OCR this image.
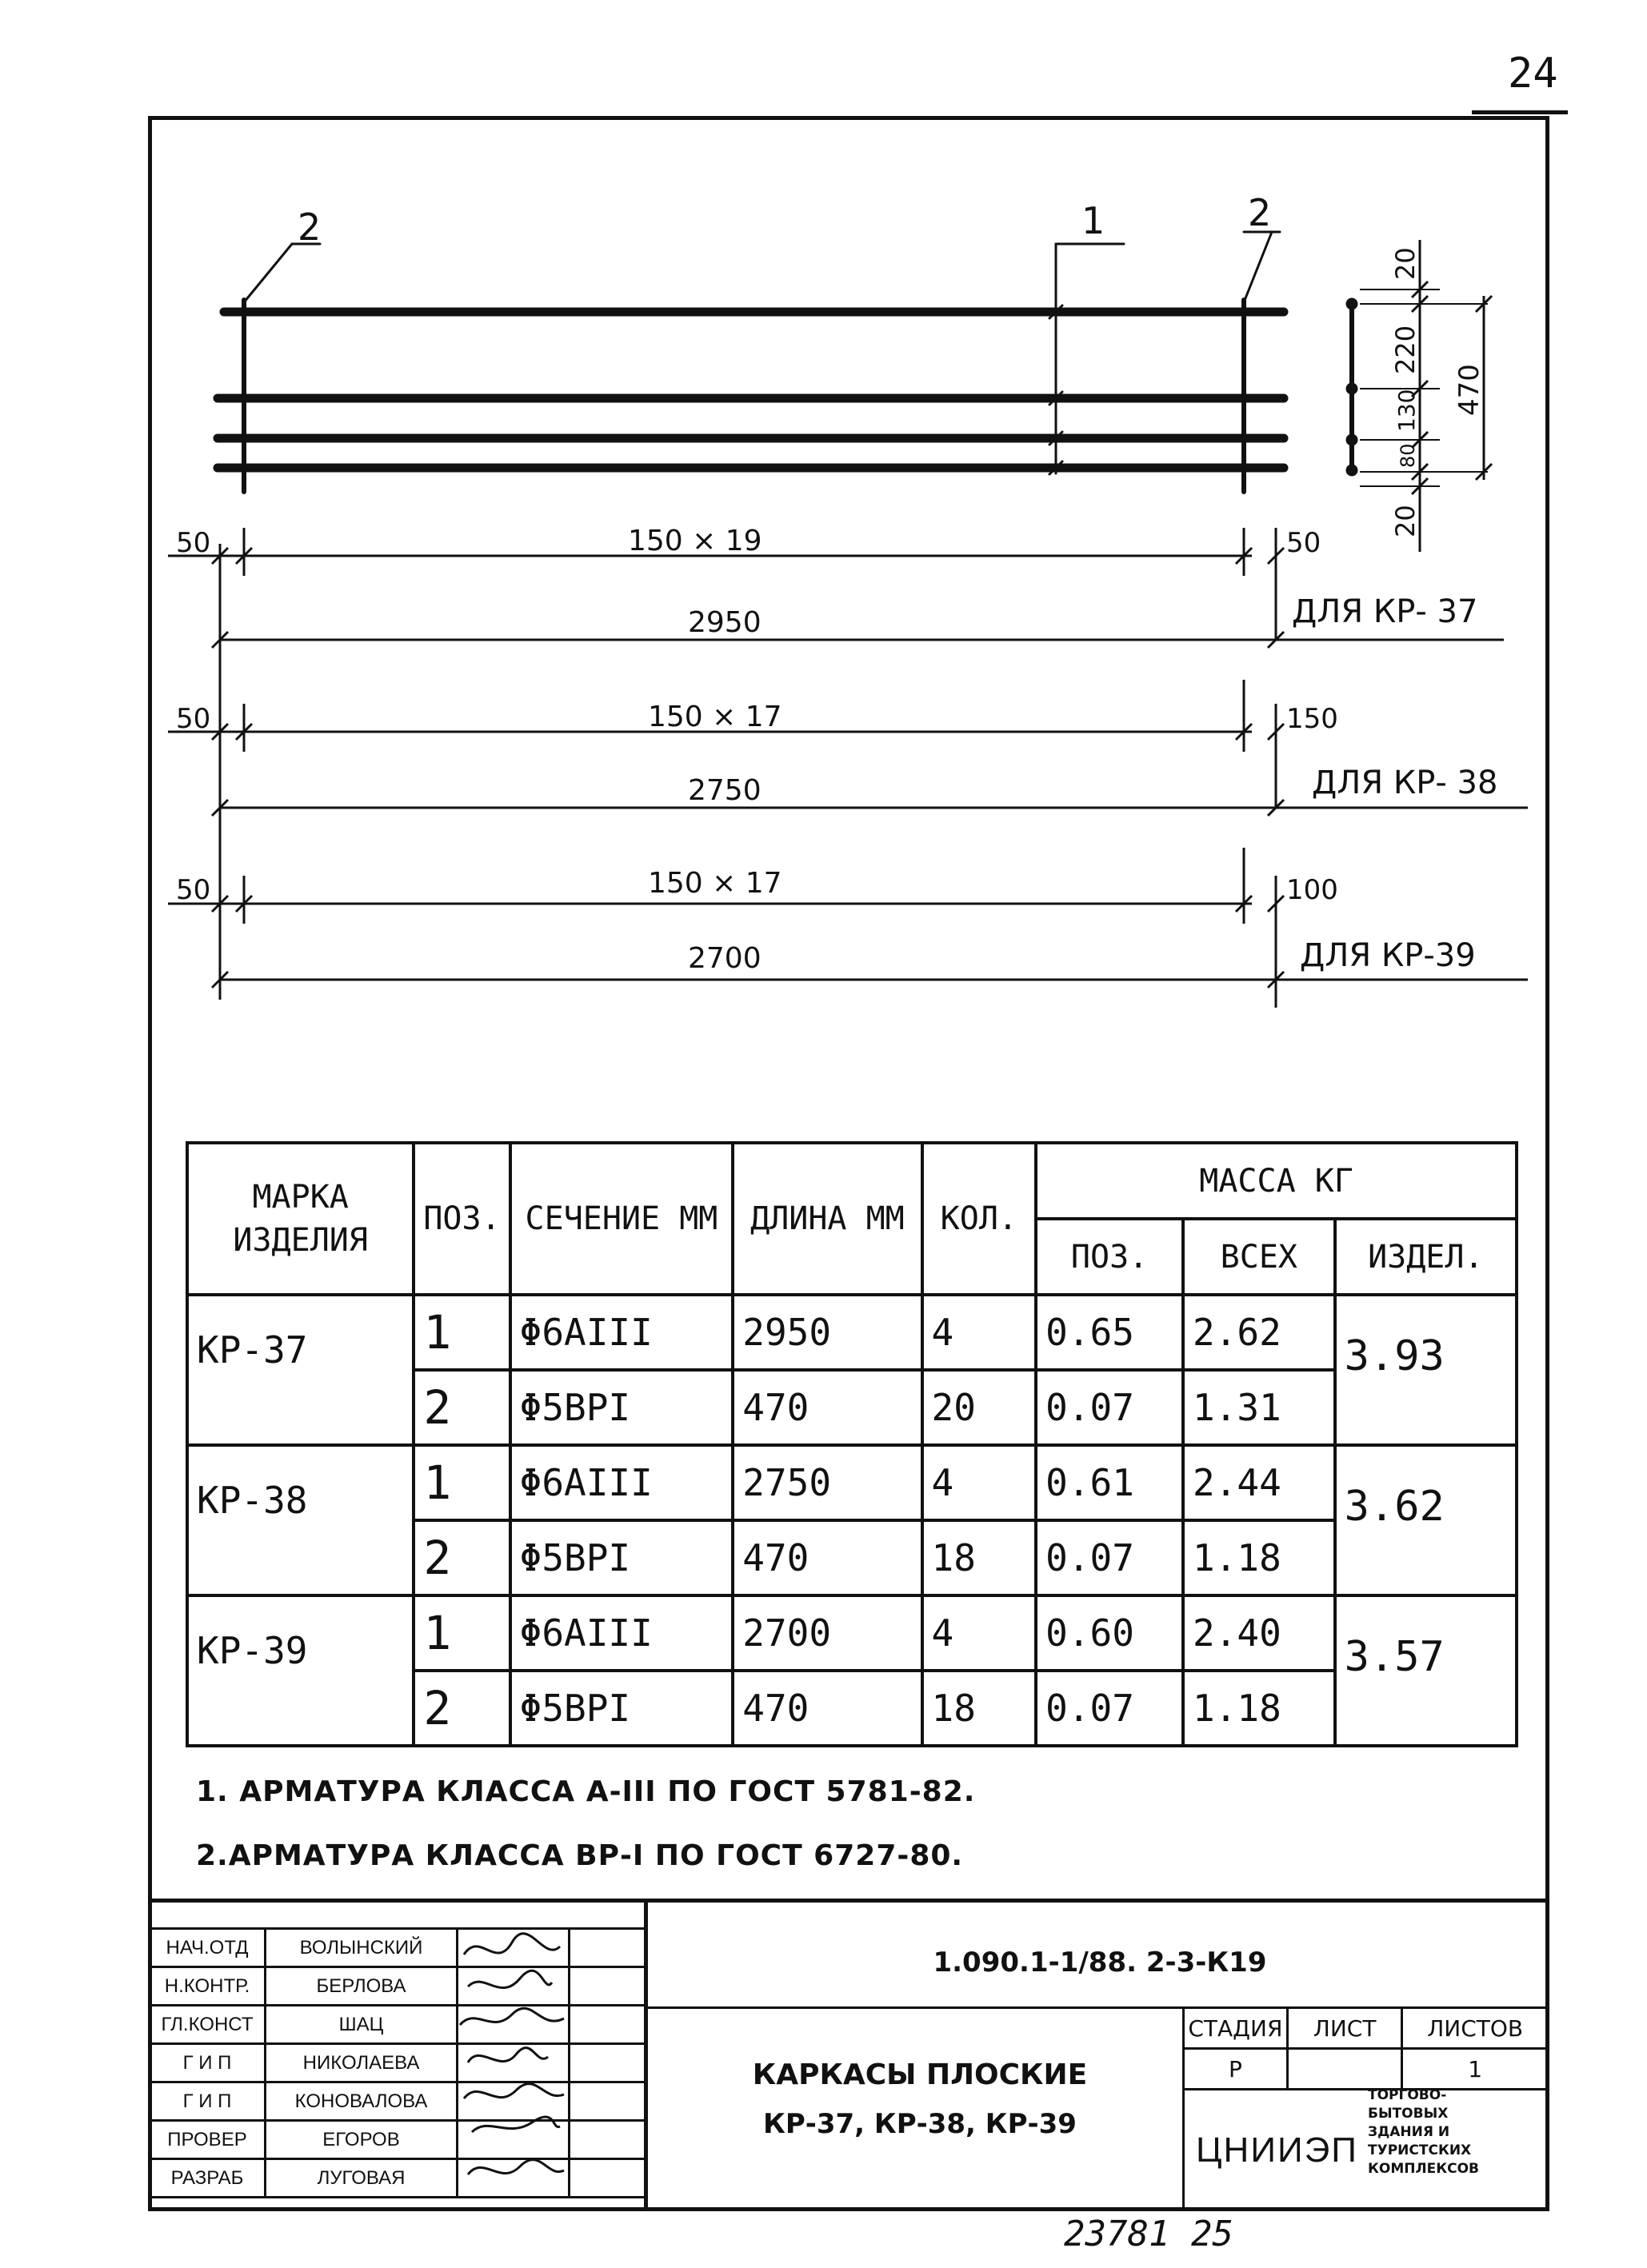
24
2	1	2
20
220
130
80
20
470
50	150 × 19	50
2950	ДЛЯ КР- 37
50	150 × 17	150
2750	ДЛЯ КР- 38
50	150 × 17	100
2700	ДЛЯ КР-39
МАРКА ИЗДЕЛИЯ	ПОЗ.	СЕЧЕНИЕ ММ	ДЛИНА ММ	КОЛ.	МАССА КГ		
					ПОЗ.	ВСЕХ	ИЗДЕЛ.
КР-37	1	Φ6AIII	2950	4	0.65	2.62	3.93
	2	Φ5BPI	470	20	0.07	1.31	
КР-38	1	Φ6AIII	2750	4	0.61	2.44	3.62
	2	Φ5BPI	470	18	0.07	1.18	
КР-39	1	Φ6AIII	2700	4	0.60	2.40	3.57
	2	Φ5BPI	470	18	0.07	1.18	
1. АРМАТУРА КЛАССА А-III ПО ГОСТ 5781-82.
2.АРМАТУРА КЛАССА ВР-I ПО ГОСТ 6727-80.
НАЧ.ОТД	ВОЛЫНСКИЙ		
Н.КОНТР.	БЕРЛОВА		
ГЛ.КОНСТ	ШАЦ		
Г И П	НИКОЛАЕВА		
Г И П	КОНОВАЛОВА		
ПРОВЕР	ЕГОРОВ		
РАЗРАБ	ЛУГОВАЯ		
1.090.1-1/88. 2-3-К19
КАРКАСЫ ПЛОСКИЕ
КР-37, КР-38, КР-39
СТАДИЯ	ЛИСТ	ЛИСТОВ
Р		1
ЦНИИЭП
ТОРГОВО-
БЫТОВЫХ
ЗДАНИЯ И
ТУРИСТСКИХ
КОМПЛЕКСОВ
23781 25
